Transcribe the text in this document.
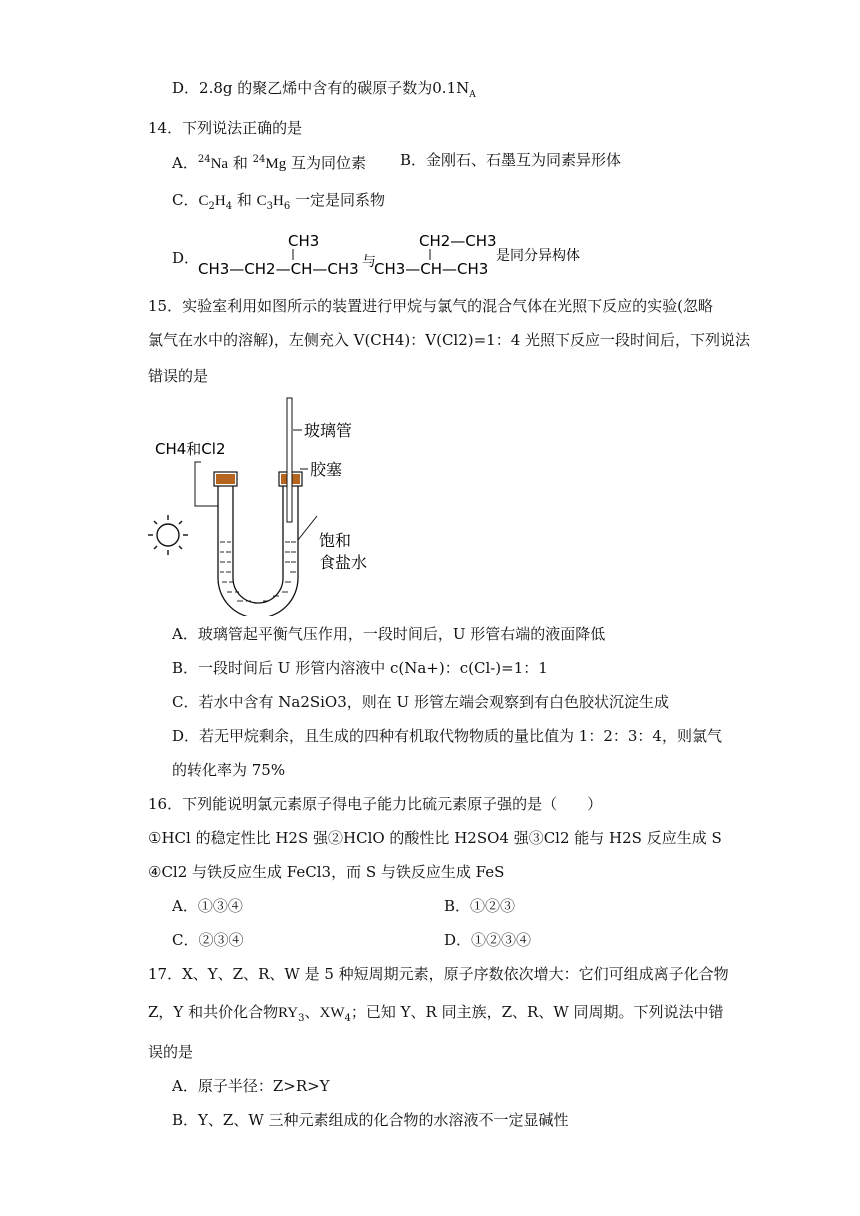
D．2.8g 的聚乙烯中含有的碳原子数为$0.1N_A$
14．下列说法正确的是
A．$^{24}$Na 和 $^{24}$Mg 互为同位素 B．金刚石、石墨互为同素异形体
C．$C_2H_4$ 和 $C_3H_6$ 一定是同系物
D．
CH3
CH3—CH2—CH—CH3 与
CH2—CH3
CH3—CH—CH3
是同分异构体
15．实验室利用如图所示的装置进行甲烷与氯气的混合气体在光照下反应的实验(忽略
氯气在水中的溶解)，左侧充入 V(CH4)：V(Cl2)=1：4 光照下反应一段时间后，下列说法
错误的是
CH4和Cl2
玻璃管
胶塞
饱和
食盐水
A．玻璃管起平衡气压作用，一段时间后，U 形管右端的液面降低
B．一段时间后 U 形管内溶液中 c(Na+)：c(Cl-)=1：1
C．若水中含有 Na2SiO3，则在 U 形管左端会观察到有白色胶状沉淀生成
D．若无甲烷剩余，且生成的四种有机取代物物质的量比值为 1：2：3：4，则氯气
的转化率为 75%
16．下列能说明氯元素原子得电子能力比硫元素原子强的是（　　）
①HCl 的稳定性比 H2S 强②HClO 的酸性比 H2SO4 强③Cl2 能与 H2S 反应生成 S
④Cl2 与铁反应生成 FeCl3，而 S 与铁反应生成 FeS
A．①③④	B．①②③
C．②③④	D．①②③④
17．X、Y、Z、R、W 是 5 种短周期元素，原子序数依次增大：它们可组成离子化合物
Z，Y 和共价化合物$RY_3$、$XW_4$；已知 Y、R 同主族，Z、R、W 同周期。下列说法中错
误的是
A．原子半径：Z>R>Y
B．Y、Z、W 三种元素组成的化合物的水溶液不一定显碱性
